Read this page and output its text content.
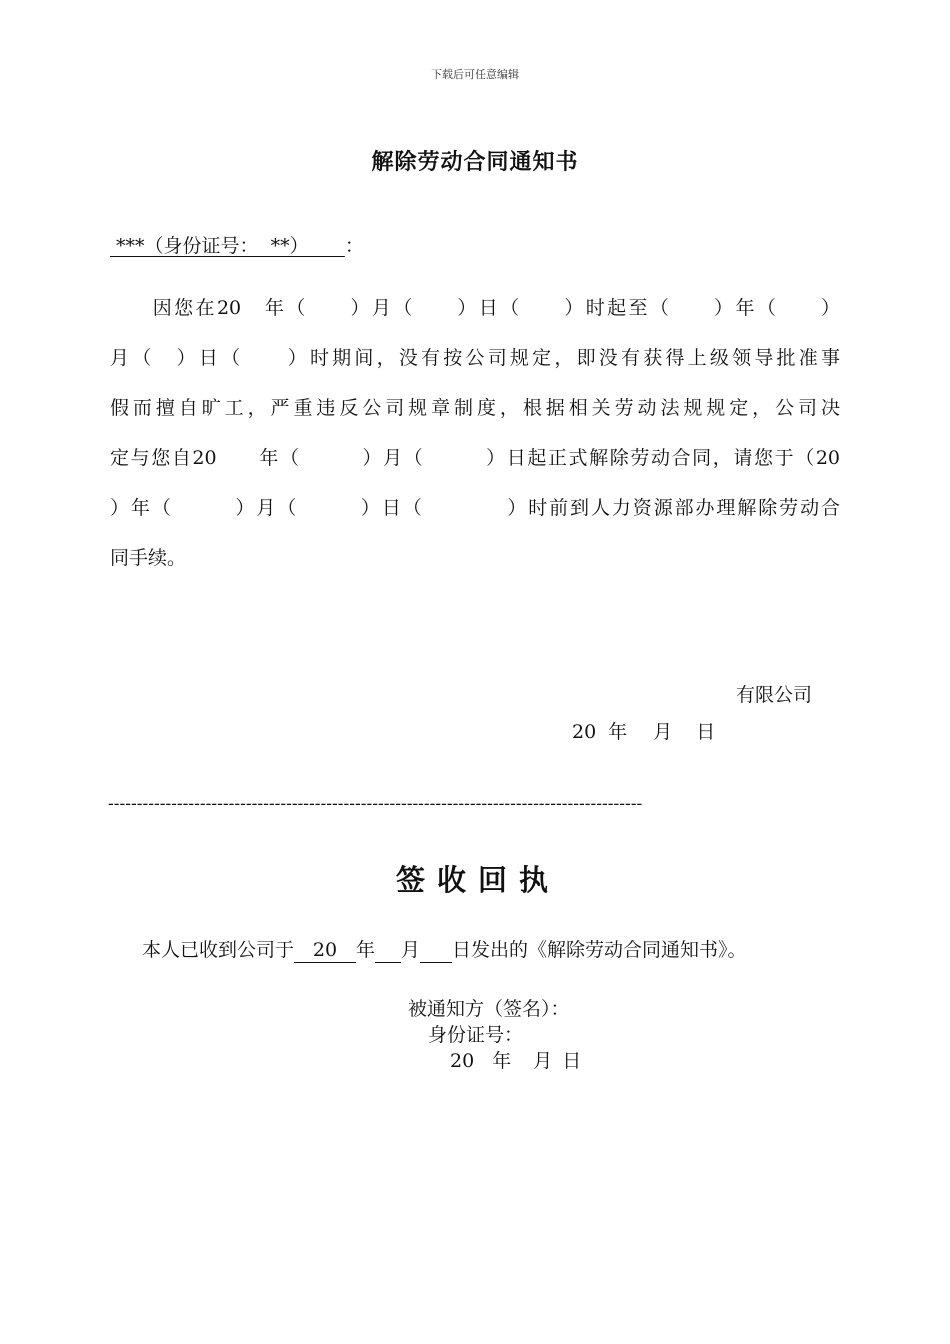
下载后可任意编辑
解除劳动合同通知书
***（身份证号：  **）      ：
　　因您在20　年（　　）月（　　）日（　　）时起至（　　）年（　　）
月（　）日（　　）时期间，没有按公司规定，即没有获得上级领导批准事
假而擅自旷工，严重违反公司规章制度，根据相关劳动法规规定，公司决
定与您自20　　年（　　　）月（　　　）日起正式解除劳动合同，请您于（20
）年（　　　）月（　　　）日（　　　　）时前到人力资源部办理解除劳动合
同手续。
有限公司
20 年 月 日
---------------------------------------------------------------------------------------------
签收回执
本人已收到公司于 20 年 月 日发出的《解除劳动合同通知书》。
被通知方（签名）：
身份证号：
20 年 月 日
